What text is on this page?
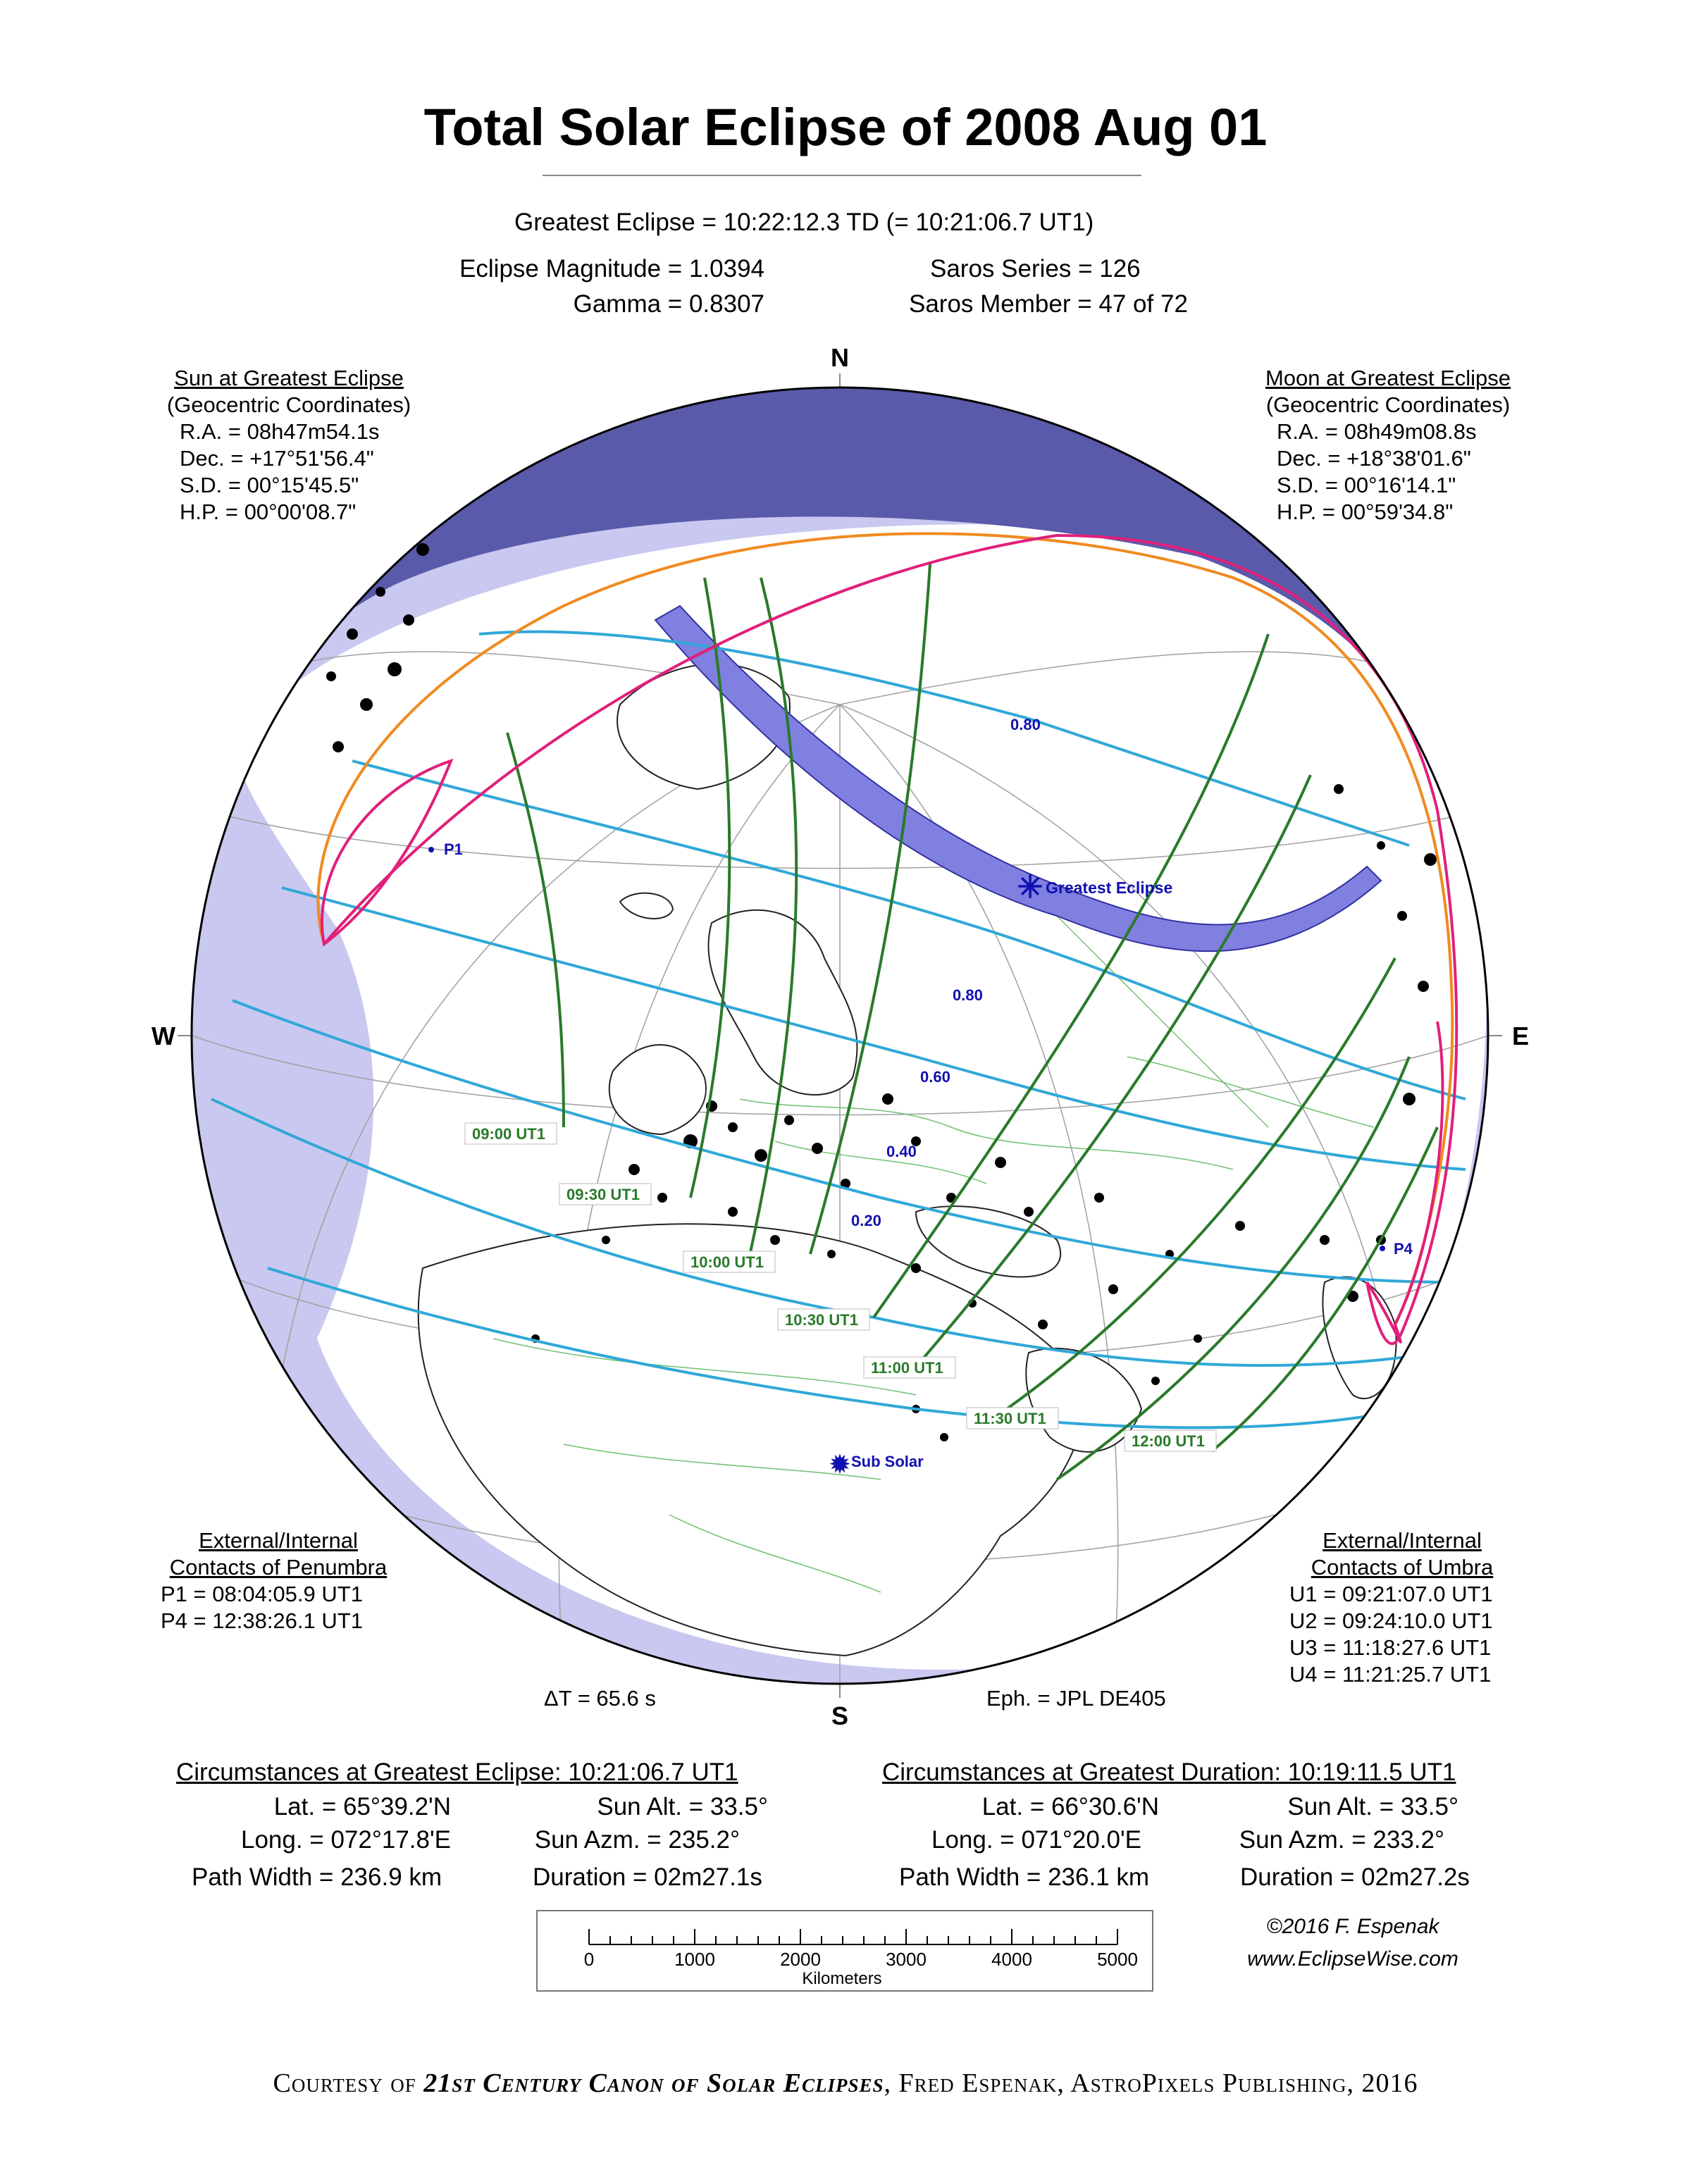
Total Solar Eclipse of 2008 Aug 01
Greatest Eclipse = 10:22:12.3 TD (= 10:21:06.7 UT1)
Eclipse Magnitude = 1.0394
Gamma = 0.8307
Saros Series = 126
Saros Member = 47 of 72
Sun at Greatest Eclipse
(Geocentric Coordinates)
R.A. = 08h47m54.1s
Dec. = +17°51'56.4"
S.D. = 00°15'45.5"
H.P. = 00°00'08.7"
Moon at Greatest Eclipse
(Geocentric Coordinates)
R.A. = 08h49m08.8s
Dec. = +18°38'01.6"
S.D. = 00°16'14.1"
H.P. = 00°59'34.8"
N
S
W	E
P1
P4
✳ Greatest Eclipse
✹ Sub Solar
0.80
0.80
0.60
0.40
0.20
09:00 UT1
09:30 UT1
10:00 UT1
10:30 UT1
11:00 UT1
11:30 UT1
12:00 UT1
External/Internal
Contacts of Penumbra
P1 = 08:04:05.9 UT1
P4 = 12:38:26.1 UT1
External/Internal
Contacts of Umbra
U1 = 09:21:07.0 UT1
U2 = 09:24:10.0 UT1
U3 = 11:18:27.6 UT1
U4 = 11:21:25.7 UT1
ΔT = 65.6 s	Eph. = JPL DE405
Circumstances at Greatest Eclipse: 10:21:06.7 UT1
Lat. = 65°39.2'N
Long. = 072°17.8'E
Path Width = 236.9 km
Sun Alt. = 33.5°
Sun Azm. = 235.2°
Duration = 02m27.1s
Circumstances at Greatest Duration: 10:19:11.5 UT1
Lat. = 66°30.6'N
Long. = 071°20.0'E
Path Width = 236.1 km
Sun Alt. = 33.5°
Sun Azm. = 233.2°
Duration = 02m27.2s
0	1000	2000	3000	4000	5000
Kilometers
©2016 F. Espenak
www.EclipseWise.com
Courtesy of 21st Century Canon of Solar Eclipses, Fred Espenak, AstroPixels Publishing, 2016
